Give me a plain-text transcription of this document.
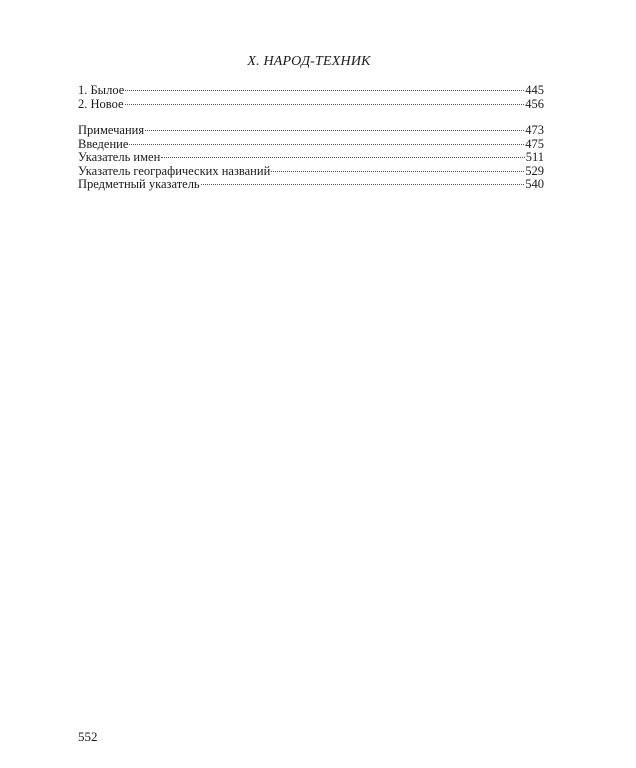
Х. НАРОД-ТЕХНИК
1. Былое	445
2. Новое	456
Примечания	473
Введение	475
Указатель имен	511
Указатель географических названий	529
Предметный указатель	540
552
